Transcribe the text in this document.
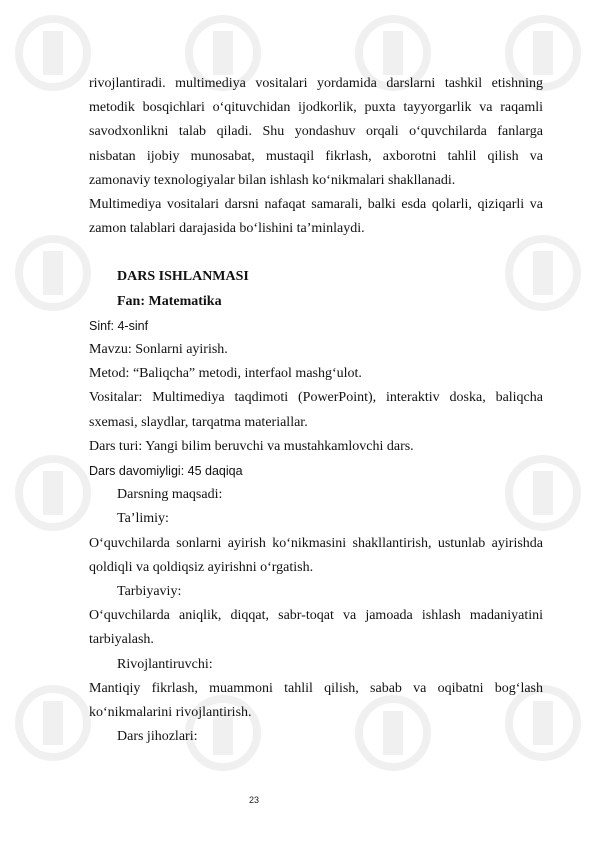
rivojlantiradi. multimediya vositalari yordamida darslarni tashkil etishning metodik bosqichlari o‘qituvchidan ijodkorlik, puxta tayyorgarlik va raqamli savodxonlikni talab qiladi. Shu yondashuv orqali o‘quvchilarda fanlarga nisbatan ijobiy munosabat, mustaqil fikrlash, axborotni tahlil qilish va zamonaviy texnologiyalar bilan ishlash ko‘nikmalari shakllanadi.

Multimediya vositalari darsni nafaqat samarali, balki esda qolarli, qiziqarli va zamon talablari darajasida bo‘lishini ta’minlaydi.

DARS ISHLANMASI

Fan: Matematika

Sinf: 4-sinf

Mavzu: Sonlarni ayirish.

Metod: “Baliqcha” metodi, interfaol mashg‘ulot.

Vositalar: Multimediya taqdimoti (PowerPoint), interaktiv doska, baliqcha sxemasi, slaydlar, tarqatma materiallar.

Dars turi: Yangi bilim beruvchi va mustahkamlovchi dars.

Dars davomiyligi: 45 daqiqa

Darsning maqsadi:

Ta’limiy:

O‘quvchilarda sonlarni ayirish ko‘nikmasini shakllantirish, ustunlab ayirishda qoldiqli va qoldiqsiz ayirishni o‘rgatish.

Tarbiyaviy:

O‘quvchilarda aniqlik, diqqat, sabr-toqat va jamoada ishlash madaniyatini tarbiyalash.

Rivojlantiruvchi:

Mantiqiy fikrlash, muammoni tahlil qilish, sabab va oqibatni bog‘lash ko‘nikmalarini rivojlantirish.

Dars jihozlari:

23
